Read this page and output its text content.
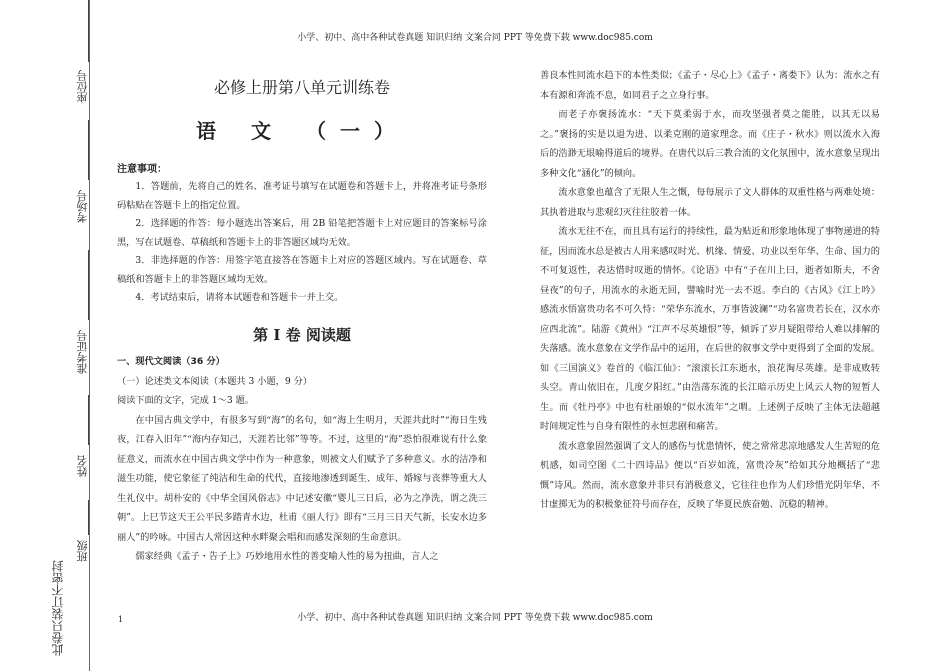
小学、初中、高中各种试卷真题 知识归纳 文案合同 PPT 等免费下载 www.doc985.com
座位号
考场号
准考证号
姓名
班级
此卷只装订不密封
必修上册第八单元训练卷
语 文 （一）
注意事项：

1．答题前，先将自己的姓名、准考证号填写在试题卷和答题卡上，并将准考证号条形码粘贴在答题卡上的指定位置。

2．选择题的作答：每小题选出答案后，用 2B 铅笔把答题卡上对应题目的答案标号涂黑，写在试题卷、草稿纸和答题卡上的非答题区域均无效。

3．非选择题的作答：用签字笔直接答在答题卡上对应的答题区域内。写在试题卷、草稿纸和答题卡上的非答题区域均无效。

4．考试结束后，请将本试题卷和答题卡一并上交。

第 I 卷 阅读题

一、现代文阅读（36 分）

（一）论述类文本阅读（本题共 3 小题，9 分）

阅读下面的文字，完成 1～3 题。

在中国古典文学中，有很多写到“海”的名句，如“海上生明月，天涯共此时”“海日生残夜，江春入旧年”“海内存知己，天涯若比邻”等等。不过，这里的“海”恐怕很难说有什么象征意义，而流水在中国古典文学中作为一种意象，则被文人们赋予了多种意义。水的洁净和滋生功能，使它象征了纯洁和生命的代代，直接地渗透到诞生、成年、婚嫁与丧葬等重大人生礼仪中。胡朴安的《中华全国风俗志》中记述安徽“婴儿三日后，必为之净洗，谓之洗三朝”。上巳节这天王公平民多踏青水边，杜甫《丽人行》即有“三月三日天气新，长安水边多丽人”的吟咏。中国古人常因这种水畔聚会唱和而感发深刻的生命意识。

儒家经典《孟子・告子上》巧妙地用水性的善变喻人性的易为扭曲，言人之

善良本性同流水趋下的本性类似；《孟子・尽心上》《孟子・离娄下》认为：流水之有本有源和奔流不息，如同君子之立身行事。

而老子亦褒扬流水：“天下莫柔弱于水，而攻坚强者莫之能胜，以其无以易之。”褒扬的实是以退为进、以柔克刚的道家理念。而《庄子・秋水》则以流水入海后的浩渺无垠喻得道后的境界。在唐代以后三教合流的文化氛围中，流水意象呈现出多种文化“涵化”的倾向。

流水意象也蕴含了无限人生之慨，每每展示了文人群体的双重性格与两难处境：其执着进取与悲观幻灭往往胶着一体。

流水无往不在，而且具有运行的持续性，最为贴近和形象地体现了事物递进的特征，因而流水总是被古人用来感叹时光、机缘、情爱、功业以至年华、生命、国力的不可复返性，表达惜时叹逝的情怀。《论语》中有“子在川上曰，逝者如斯夫，不舍昼夜”的句子，用流水的永逝无回，譬喻时光一去不返。李白的《古风》《江上吟》感流水悟富贵功名不可久恃：“荣华东流水，万事皆波澜”“功名富贵若长在，汉水亦应西北流”。陆游《黄州》“江声不尽英雄恨”等，倾诉了岁月疑阻带给人难以排解的失落感。流水意象在文学作品中的运用，在后世的叙事文学中更得到了全面的发展。如《三国演义》卷首的《临江仙》：“滚滚长江东逝水，浪花淘尽英雄。是非成败转头空。青山依旧在，几度夕阳红。”由浩荡东流的长江暗示历史上风云人物的短暂人生。而《牡丹亭》中也有杜丽娘的“似水流年”之喟。上述例子反映了主体无法超越时间规定性与自身有限性的永恒悲剧和痛苦。

流水意象固然强调了文人的感伤与忧患情怀，使之常常悲凉地感发人生苦短的危机感，如司空图《二十四诗品》便以“百岁如流，富贵冷灰”给如其分地概括了“悲慨”诗风。然而，流水意象并非只有消极意义，它往往也作为人们珍惜光阴年华、不甘虚掷无为的积极象征符号而存在，反映了华夏民族奋勉、沉稳的精神。

小学、初中、高中各种试卷真题 知识归纳 文案合同 PPT 等免费下载 www.doc985.com
1
